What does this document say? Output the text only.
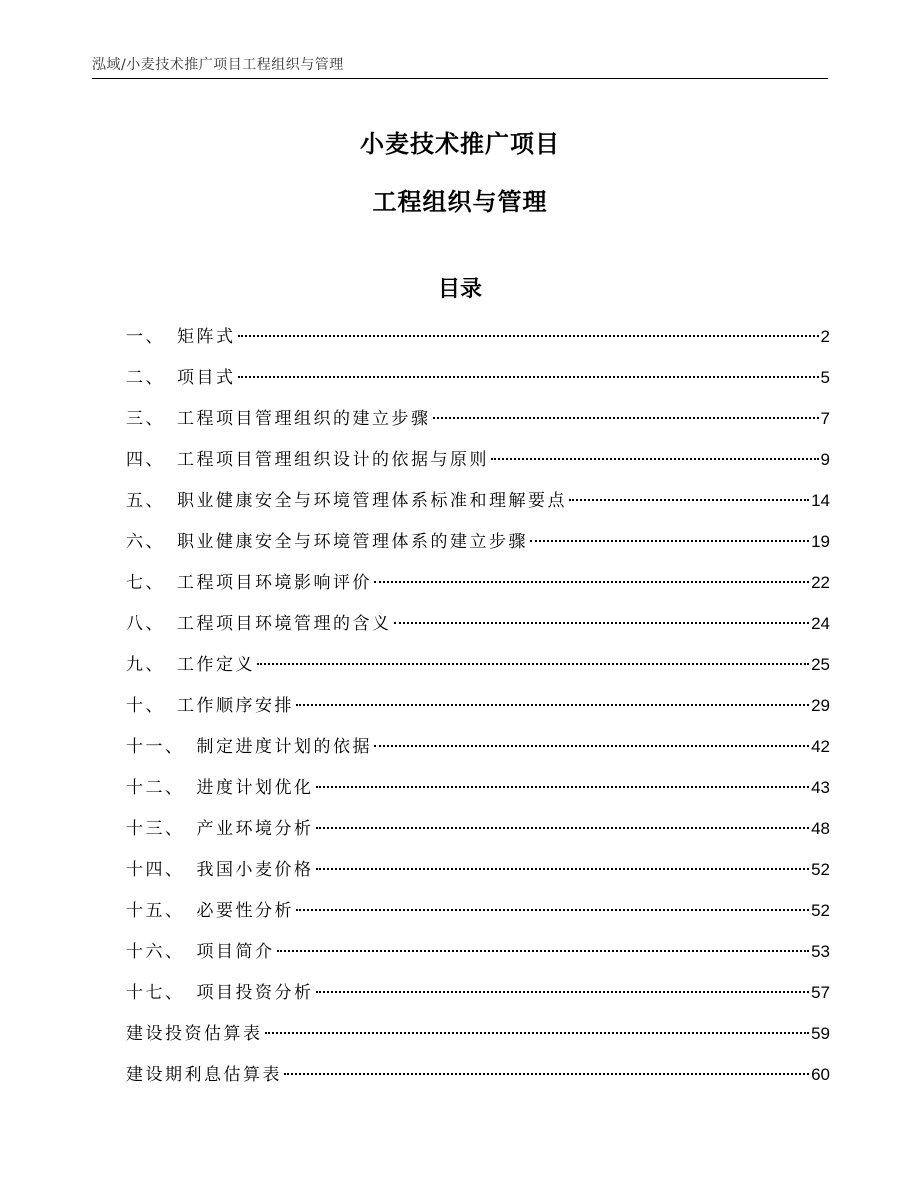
泓域/小麦技术推广项目工程组织与管理
小麦技术推广项目
工程组织与管理
目录
一、 矩阵式	2
二、 项目式	5
三、 工程项目管理组织的建立步骤	7
四、 工程项目管理组织设计的依据与原则	9
五、 职业健康安全与环境管理体系标准和理解要点	14
六、 职业健康安全与环境管理体系的建立步骤	19
七、 工程项目环境影响评价	22
八、 工程项目环境管理的含义	24
九、 工作定义	25
十、 工作顺序安排	29
十一、 制定进度计划的依据	42
十二、 进度计划优化	43
十三、 产业环境分析	48
十四、 我国小麦价格	52
十五、 必要性分析	52
十六、 项目简介	53
十七、 项目投资分析	57
建设投资估算表	59
建设期利息估算表	60
